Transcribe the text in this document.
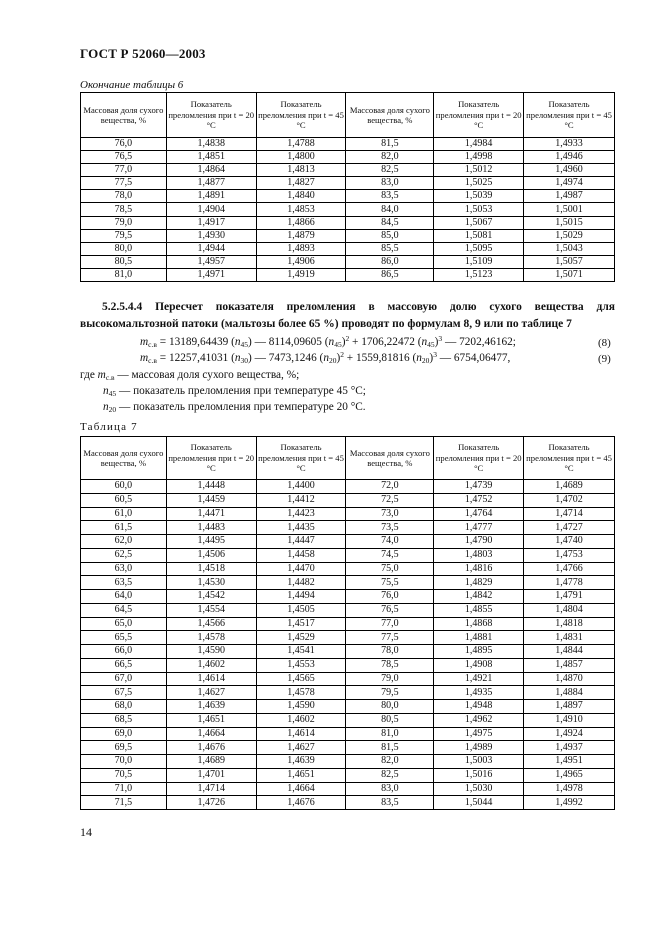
ГОСТ Р 52060—2003
Окончание таблицы 6
Массовая доля сухого вещества, %	Показатель преломления при t = 20 °С	Показатель преломления при t = 45 °С	Массовая доля сухого вещества, %	Показатель преломления при t = 20 °С	Показатель преломления при t = 45 °С
76,0	1,4838	1,4788	81,5	1,4984	1,4933
76,5	1,4851	1,4800	82,0	1,4998	1,4946
77,0	1,4864	1,4813	82,5	1,5012	1,4960
77,5	1,4877	1,4827	83,0	1,5025	1,4974
78,0	1,4891	1,4840	83,5	1,5039	1,4987
78,5	1,4904	1,4853	84,0	1,5053	1,5001
79,0	1,4917	1,4866	84,5	1,5067	1,5015
79,5	1,4930	1,4879	85,0	1,5081	1,5029
80,0	1,4944	1,4893	85,5	1,5095	1,5043
80,5	1,4957	1,4906	86,0	1,5109	1,5057
81,0	1,4971	1,4919	86,5	1,5123	1,5071
5.2.5.4.4 Пересчет показателя преломления в массовую долю сухого вещества для высокомальтозной патоки (мальтозы более 65 %) проводят по формулам 8, 9 или по таблице 7
$m_{с.в} = 13189,64439$ $(n_{45})$ — 8114,09605 $(n_{45})^2 + 1706,22472$ $(n_{45})^3$ — 7202,46162;	(8)
$m_{с.в} = 12257,41031$ $(n_{30})$ — 7473,1246 $(n_{20})^2 + 1559,81816$ $(n_{20})^3$ — 6754,06477,	(9)
где $m_{с.в}$ — массовая доля сухого вещества, %;
$n_{45}$ — показатель преломления при температуре 45 °С;
$n_{20}$ — показатель преломления при температуре 20 °С.
Таблица 7
Массовая доля сухого вещества, %	Показатель преломления при t = 20 °С	Показатель преломления при t = 45 °С	Массовая доля сухого вещества, %	Показатель преломления при t = 20 °С	Показатель преломления при t = 45 °С
60,0	1,4448	1,4400	72,0	1,4739	1,4689
60,5	1,4459	1,4412	72,5	1,4752	1,4702
61,0	1,4471	1,4423	73,0	1,4764	1,4714
61,5	1,4483	1,4435	73,5	1,4777	1,4727
62,0	1,4495	1,4447	74,0	1,4790	1,4740
62,5	1,4506	1,4458	74,5	1,4803	1,4753
63,0	1,4518	1,4470	75,0	1,4816	1,4766
63,5	1,4530	1,4482	75,5	1,4829	1,4778
64,0	1,4542	1,4494	76,0	1,4842	1,4791
64,5	1,4554	1,4505	76,5	1,4855	1,4804
65,0	1,4566	1,4517	77,0	1,4868	1,4818
65,5	1,4578	1,4529	77,5	1,4881	1,4831
66,0	1,4590	1,4541	78,0	1,4895	1,4844
66,5	1,4602	1,4553	78,5	1,4908	1,4857
67,0	1,4614	1,4565	79,0	1,4921	1,4870
67,5	1,4627	1,4578	79,5	1,4935	1,4884
68,0	1,4639	1,4590	80,0	1,4948	1,4897
68,5	1,4651	1,4602	80,5	1,4962	1,4910
69,0	1,4664	1,4614	81,0	1,4975	1,4924
69,5	1,4676	1,4627	81,5	1,4989	1,4937
70,0	1,4689	1,4639	82,0	1,5003	1,4951
70,5	1,4701	1,4651	82,5	1,5016	1,4965
71,0	1,4714	1,4664	83,0	1,5030	1,4978
71,5	1,4726	1,4676	83,5	1,5044	1,4992
14
